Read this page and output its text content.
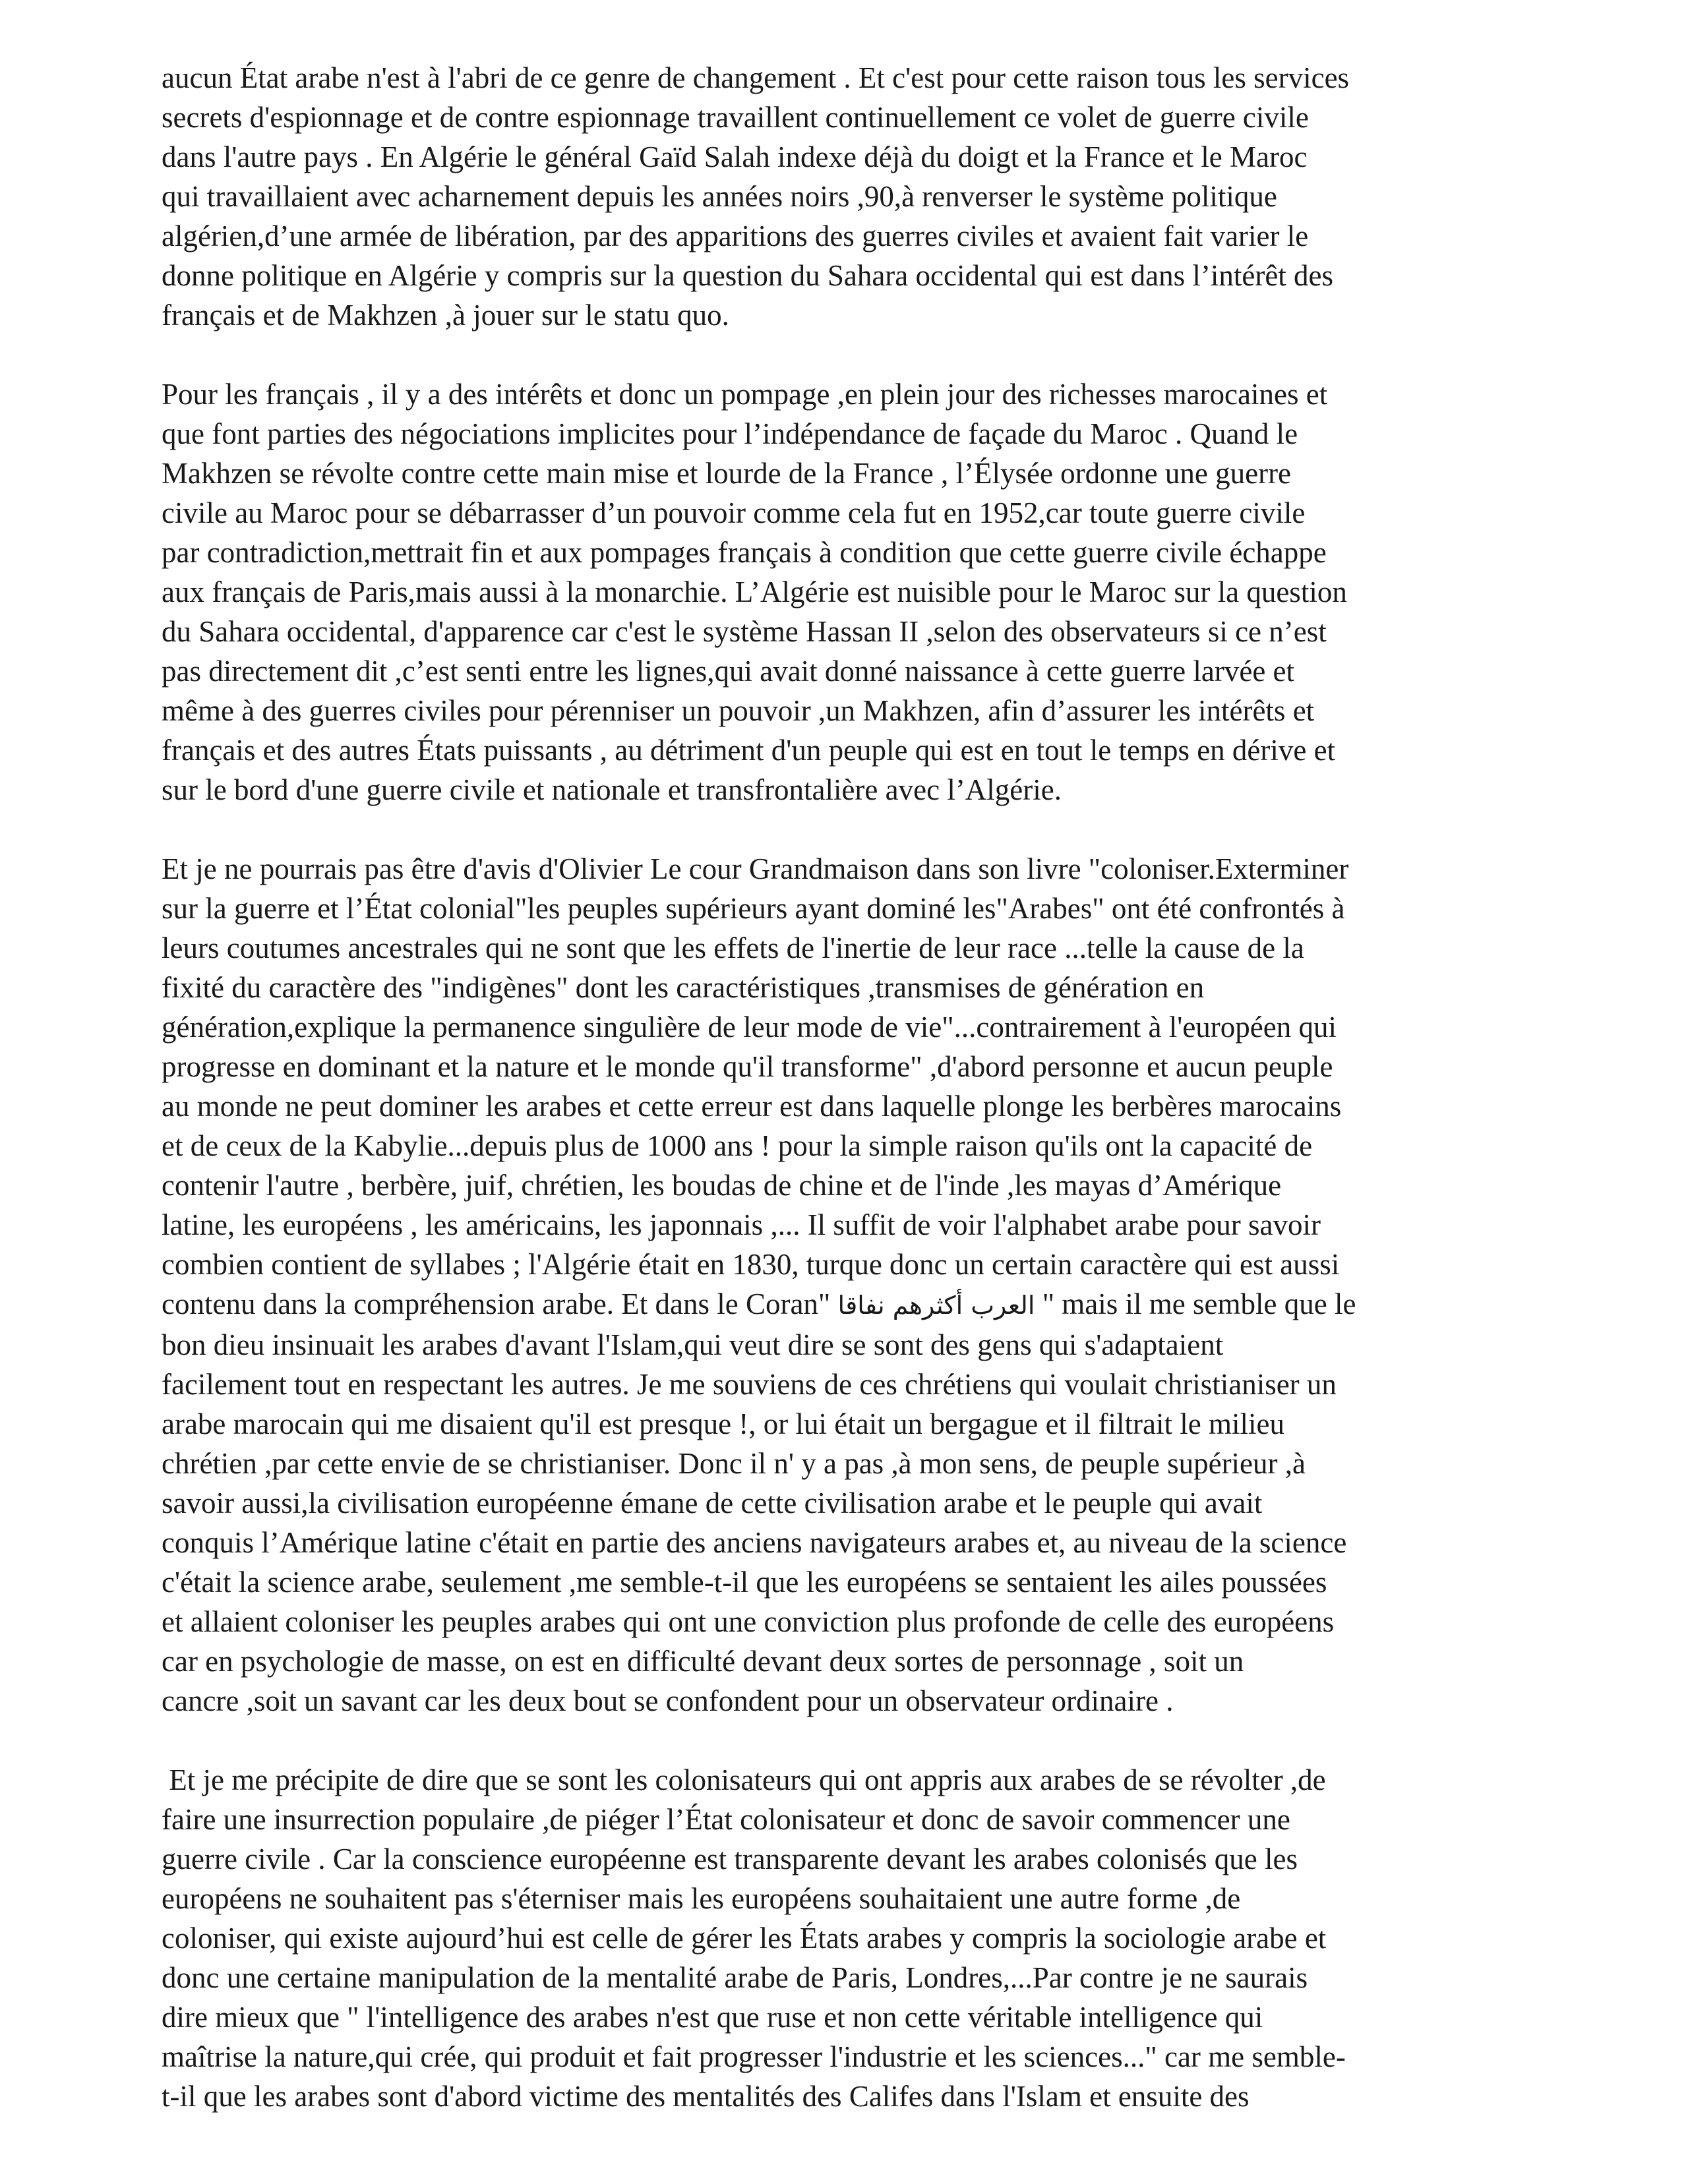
aucun État arabe n'est à l'abri de ce genre de changement . Et c'est pour cette raison tous les services
secrets d'espionnage et de contre espionnage travaillent continuellement ce volet de guerre civile
dans l'autre pays . En Algérie le général Gaïd Salah indexe déjà du doigt et la France et le Maroc
qui travaillaient avec acharnement depuis les années noirs ,90,à renverser le système politique
algérien,d’une armée de libération, par des apparitions des guerres civiles et avaient fait varier le
donne politique en Algérie y compris sur la question du Sahara occidental qui est dans l’intérêt des
français et de Makhzen ,à jouer sur le statu quo.

Pour les français , il y a des intérêts et donc un pompage ,en plein jour des richesses marocaines et
que font parties des négociations implicites pour l’indépendance de façade du Maroc . Quand le
Makhzen se révolte contre cette main mise et lourde de la France , l’Élysée ordonne une guerre
civile au Maroc pour se débarrasser d’un pouvoir comme cela fut en 1952,car toute guerre civile
par contradiction,mettrait fin et aux pompages français à condition que cette guerre civile échappe
aux français de Paris,mais aussi à la monarchie. L’Algérie est nuisible pour le Maroc sur la question
du Sahara occidental, d'apparence car c'est le système Hassan II ,selon des observateurs si ce n’est
pas directement dit ,c’est senti entre les lignes,qui avait donné naissance à cette guerre larvée et
même à des guerres civiles pour pérenniser un pouvoir ,un Makhzen, afin d’assurer les intérêts et
français et des autres États puissants , au détriment d'un peuple qui est en tout le temps en dérive et
sur le bord d'une guerre civile et nationale et transfrontalière avec l’Algérie.

Et je ne pourrais pas être d'avis d'Olivier Le cour Grandmaison dans son livre "coloniser.Exterminer
sur la guerre et l’État colonial"les peuples supérieurs ayant dominé les"Arabes" ont été confrontés à
leurs coutumes ancestrales qui ne sont que les effets de l'inertie de leur race ...telle la cause de la
fixité du caractère des "indigènes" dont les caractéristiques ,transmises de génération en
génération,explique la permanence singulière de leur mode de vie"...contrairement à l'européen qui
progresse en dominant et la nature et le monde qu'il transforme" ,d'abord personne et aucun peuple
au monde ne peut dominer les arabes et cette erreur est dans laquelle plonge les berbères marocains
et de ceux de la Kabylie...depuis plus de 1000 ans ! pour la simple raison qu'ils ont la capacité de
contenir l'autre , berbère, juif, chrétien, les boudas de chine et de l'inde ,les mayas d’Amérique
latine, les européens , les américains, les japonnais ,... Il suffit de voir l'alphabet arabe pour savoir
combien contient de syllabes ; l'Algérie était en 1830, turque donc un certain caractère qui est aussi
contenu dans la compréhension arabe. Et dans le Coran" العرب أكثرهم نفاقا " mais il me semble que le
bon dieu insinuait les arabes d'avant l'Islam,qui veut dire se sont des gens qui s'adaptaient
facilement tout en respectant les autres. Je me souviens de ces chrétiens qui voulait christianiser un
arabe marocain qui me disaient qu'il est presque !, or lui était un bergague et il filtrait le milieu
chrétien ,par cette envie de se christianiser. Donc il n' y a pas ,à mon sens, de peuple supérieur ,à
savoir aussi,la civilisation européenne émane de cette civilisation arabe et le peuple qui avait
conquis l’Amérique latine c'était en partie des anciens navigateurs arabes et, au niveau de la science
c'était la science arabe, seulement ,me semble-t-il que les européens se sentaient les ailes poussées
et allaient coloniser les peuples arabes qui ont une conviction plus profonde de celle des européens
car en psychologie de masse, on est en difficulté devant deux sortes de personnage , soit un
cancre ,soit un savant car les deux bout se confondent pour un observateur ordinaire .

Et je me précipite de dire que se sont les colonisateurs qui ont appris aux arabes de se révolter ,de
faire une insurrection populaire ,de piéger l’État colonisateur et donc de savoir commencer une
guerre civile . Car la conscience européenne est transparente devant les arabes colonisés que les
européens ne souhaitent pas s'éterniser mais les européens souhaitaient une autre forme ,de
coloniser, qui existe aujourd’hui est celle de gérer les États arabes y compris la sociologie arabe et
donc une certaine manipulation de la mentalité arabe de Paris, Londres,...Par contre je ne saurais
dire mieux que " l'intelligence des arabes n'est que ruse et non cette véritable intelligence qui
maîtrise la nature,qui crée, qui produit et fait progresser l'industrie et les sciences..." car me semble-
t-il que les arabes sont d'abord victime des mentalités des Califes dans l'Islam et ensuite des
